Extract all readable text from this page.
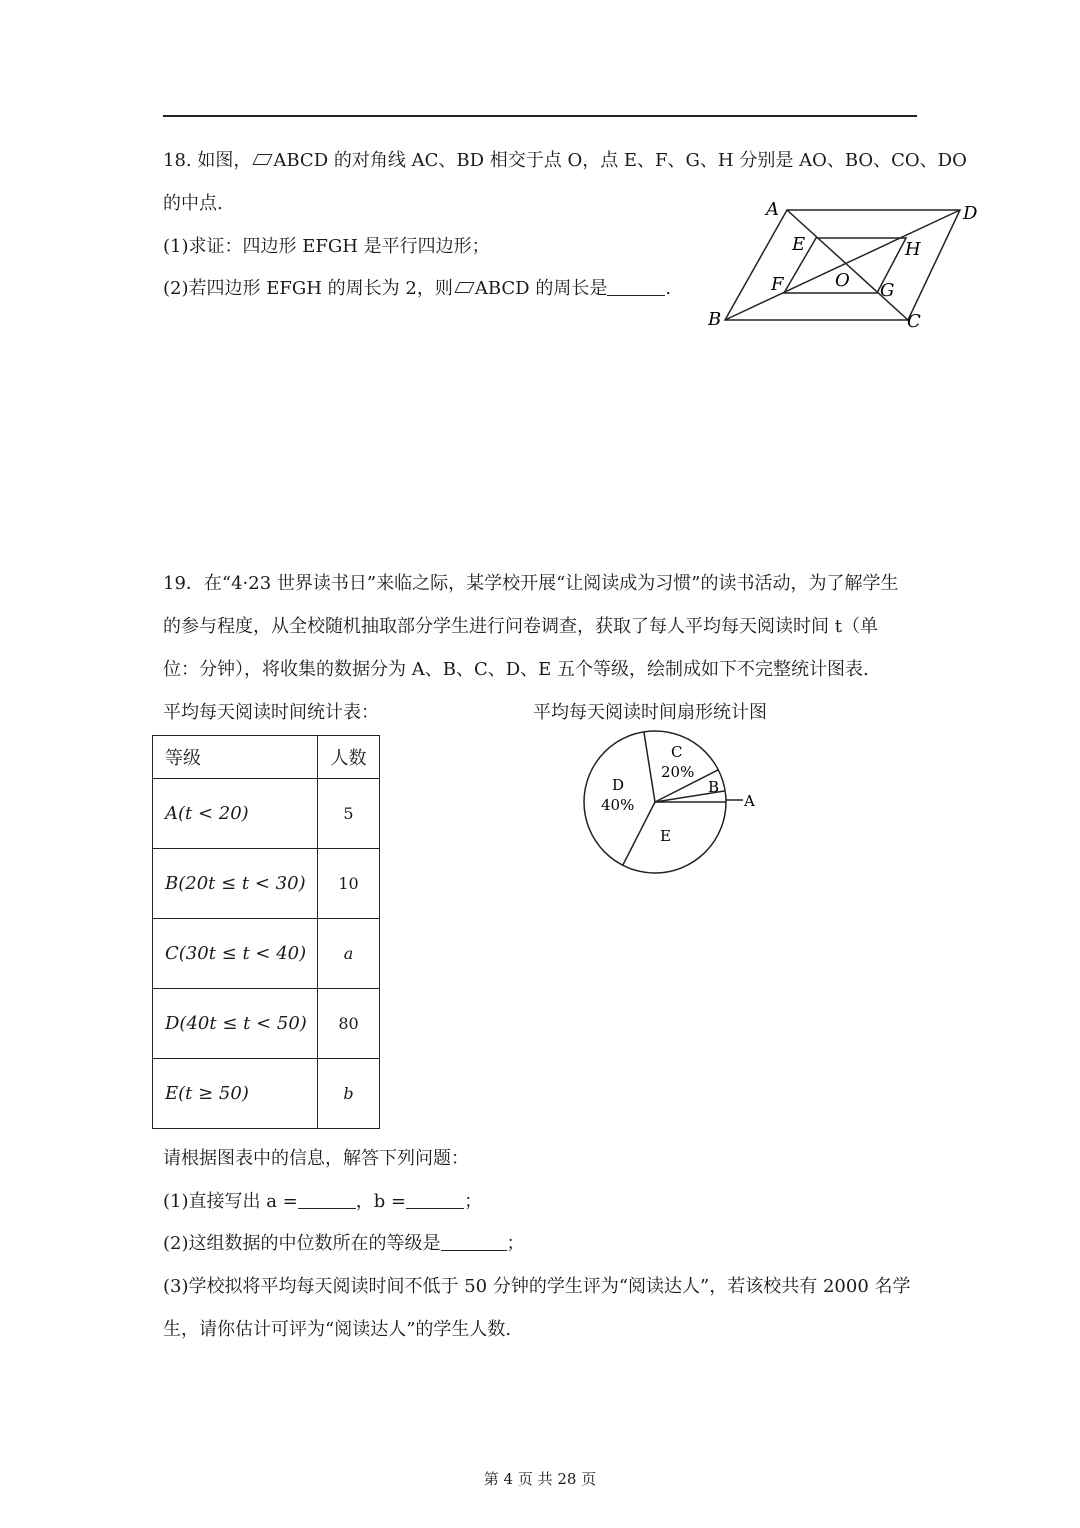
18. 如图， ABCD 的对角线 AC、BD 相交于点 O，点 E、F、G、H 分别是 AO、BO、CO、DO
的中点.
(1)求证：四边形 EFGH 是平行四边形；
(2)若四边形 EFGH 的周长为 2，则 ABCD 的周长是	.
A	D
B	C
E	H
F	G
O
19．在“4·23 世界读书日”来临之际，某学校开展“让阅读成为习惯”的读书活动，为了解学生
的参与程度，从全校随机抽取部分学生进行问卷调查，获取了每人平均每天阅读时间 t（单
位：分钟），将收集的数据分为 A、B、C、D、E 五个等级，绘制成如下不完整统计图表.
平均每天阅读时间统计表：	平均每天阅读时间扇形统计图
等级	人数
A(t < 20)	5
B(20t ≤ t < 30)	10
C(30t ≤ t < 40)	a
D(40t ≤ t < 50)	80
E(t ≥ 50)	b
A
B
C
20%
D
40%
E
请根据图表中的信息，解答下列问题：
(1)直接写出 a =	，b =	；
(2)这组数据的中位数所在的等级是	；
(3)学校拟将平均每天阅读时间不低于 50 分钟的学生评为“阅读达人”，若该校共有 2000 名学
生，请你估计可评为“阅读达人”的学生人数.
第 4 页 共 28 页
